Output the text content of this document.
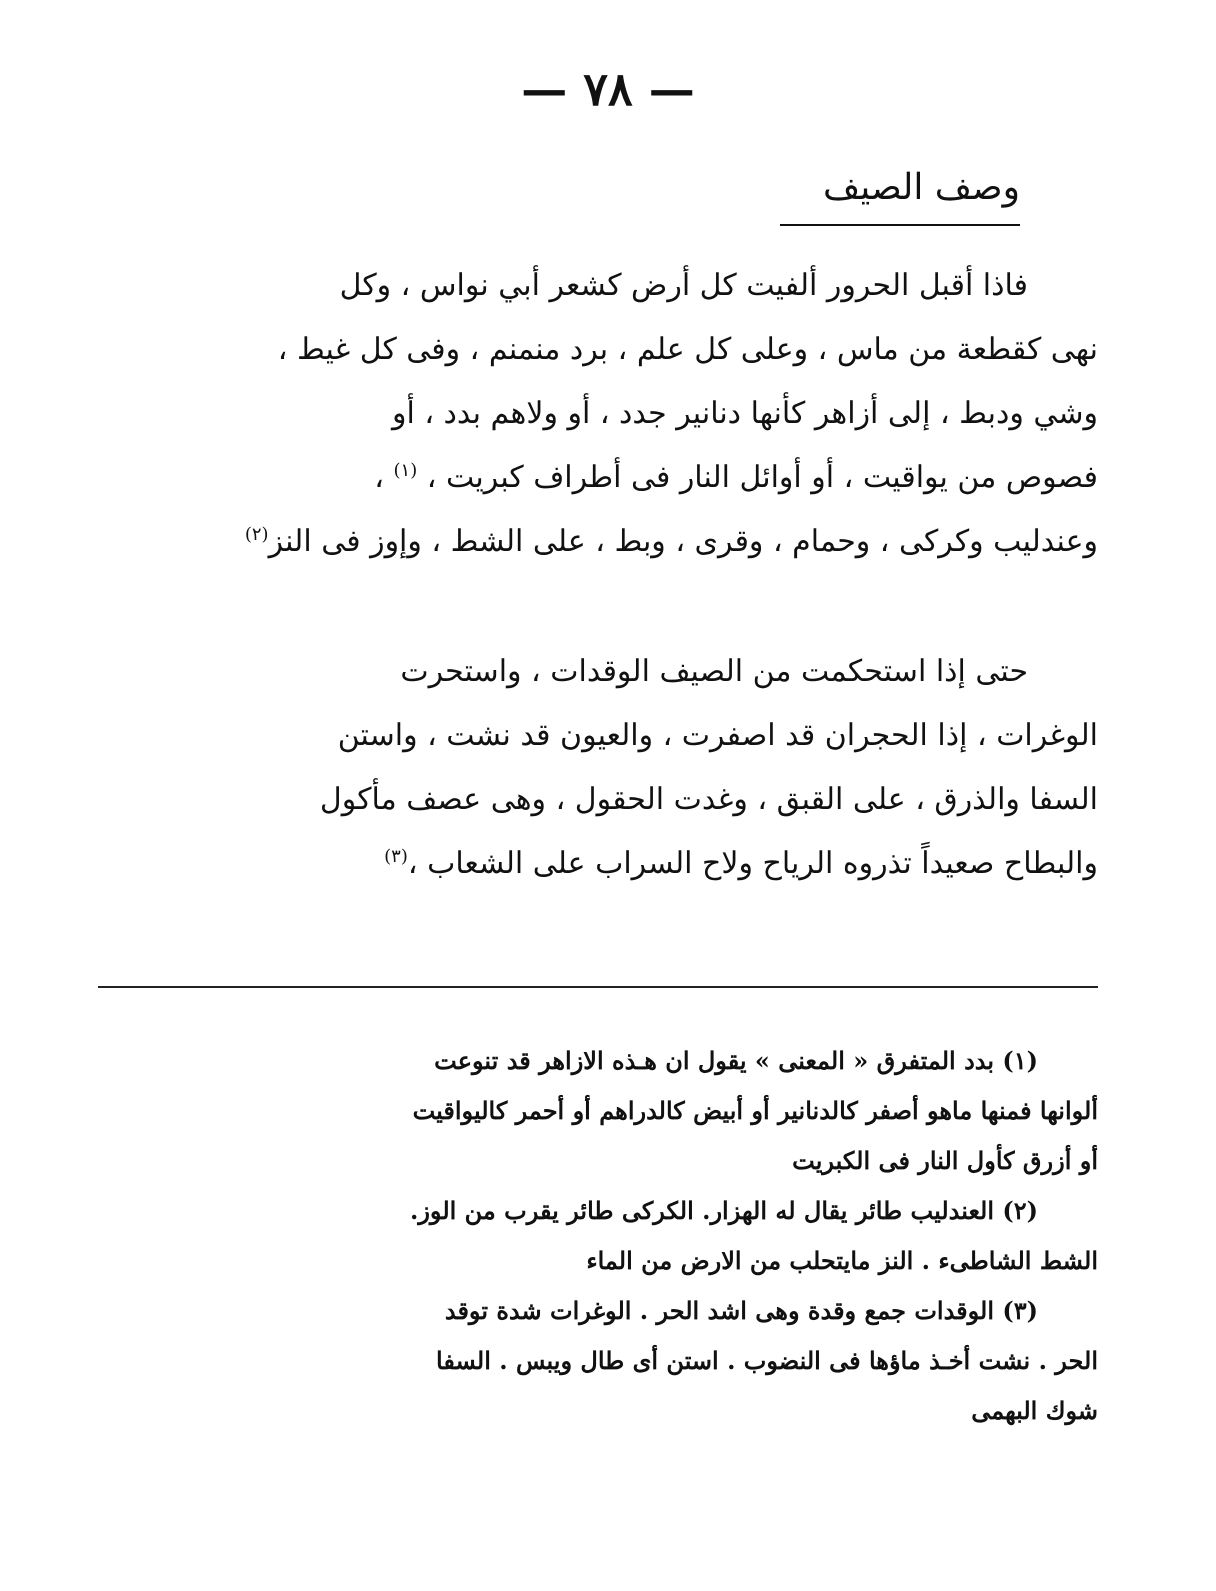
— ٧٨ —
وصف الصيف
فاذا أقبل الحرور ألفيت كل أرض كشعر أبي نواس ، وكل
نهى كقطعة من ماس ، وعلى كل علم ، برد منمنم ، وفى كل غيط ،
وشي ودبط ، إلى أزاهر كأنها دنانير جدد ، أو ولاهم بدد ، أو
فصوص من يواقيت ، أو أوائل النار فى أطراف كبريت ، $^{(١)}$ ،
وعندليب وكركى ، وحمام ، وقرى ، وبط ، على الشط ، وإوز فى النز$^{(٢)}$
حتى إذا استحكمت من الصيف الوقدات ، واستحرت
الوغرات ، إذا الحجران قد اصفرت ، والعيون قد نشت ، واستن
السفا والذرق ، على القبق ، وغدت الحقول ، وهى عصف مأكول
والبطاح صعيداً تذروه الرياح ولاح السراب على الشعاب ،$^{(٣)}$
(١) بدد المتفرق « المعنى » يقول ان هـذه الازاهر قد تنوعت
ألوانها فمنها ماهو أصفر كالدنانير أو أبيض كالدراهم أو أحمر كاليواقيت
أو أزرق كأول النار فى الكبريت
(٢) العندليب طائر يقال له الهزار. الكركى طائر يقرب من الوز.
الشط الشاطىء . النز مايتحلب من الارض من الماء
(٣) الوقدات جمع وقدة وهى اشد الحر . الوغرات شدة توقد
الحر . نشت أخـذ ماؤها فى النضوب . استن أى طال ويبس . السفا
شوك البهمى
